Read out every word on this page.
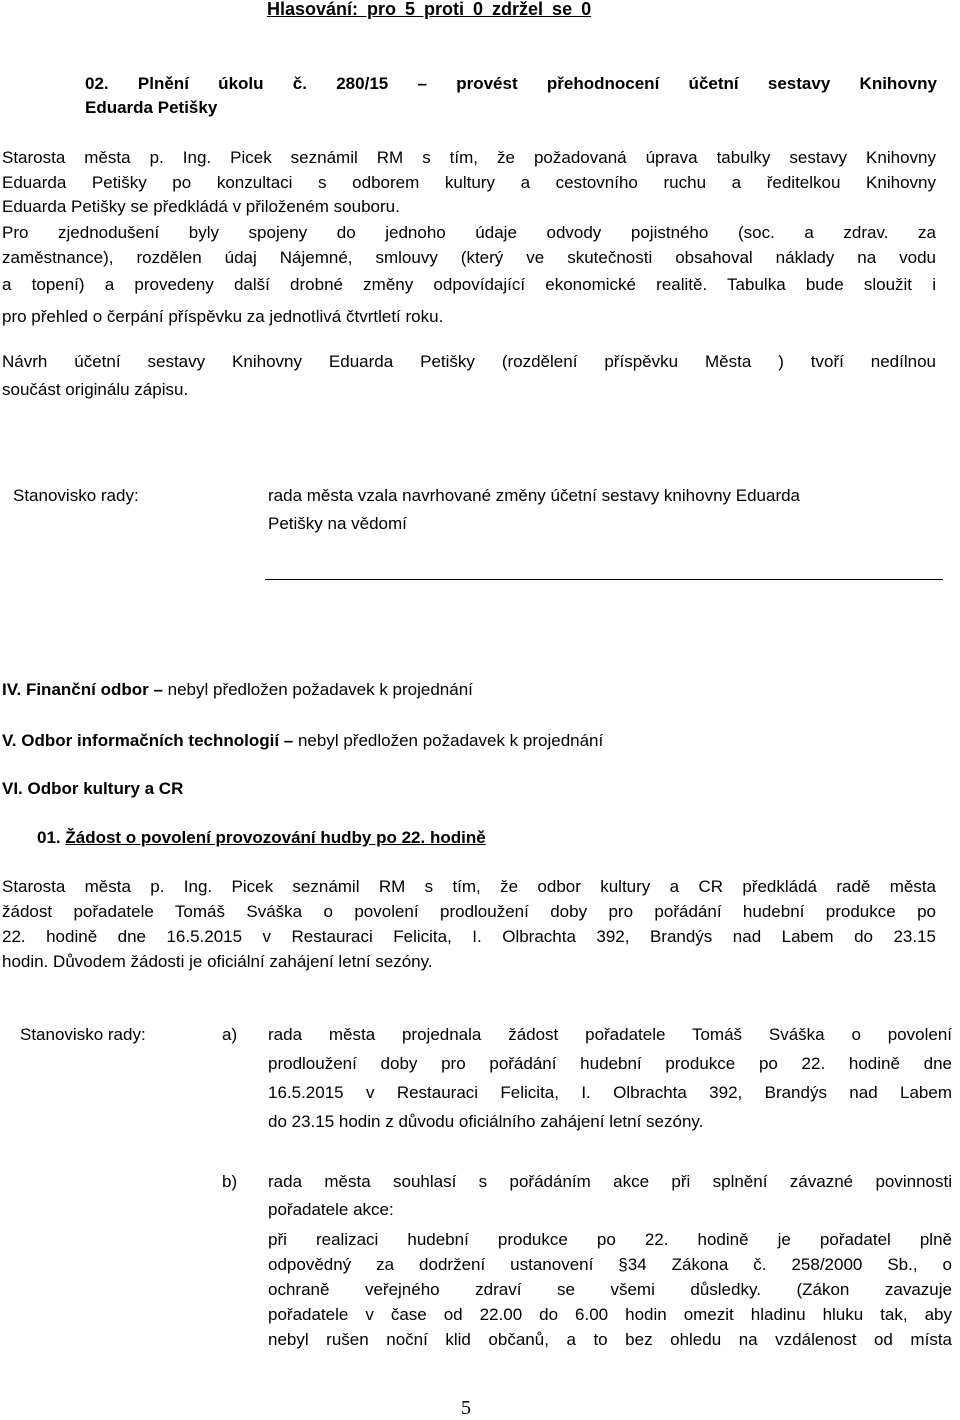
Hlasování: pro 5 proti 0 zdržel se 0
02. Plnění úkolu č. 280/15 – provést přehodnocení účetní sestavy Knihovny
Eduarda Petišky
Starosta města p. Ing. Picek seznámil RM s tím, že požadovaná úprava tabulky sestavy Knihovny
Eduarda Petišky po konzultaci s odborem kultury a cestovního ruchu a ředitelkou Knihovny
Eduarda Petišky se předkládá v přiloženém souboru.
Pro zjednodušení byly spojeny do jednoho údaje odvody pojistného (soc. a zdrav. za
zaměstnance), rozdělen údaj Nájemné, smlouvy (který ve skutečnosti obsahoval náklady na vodu
a topení) a provedeny další drobné změny odpovídající ekonomické realitě. Tabulka bude sloužit i
pro přehled o čerpání příspěvku za jednotlivá čtvrtletí roku.
Návrh účetní sestavy Knihovny Eduarda Petišky (rozdělení příspěvku Města ) tvoří nedílnou
součást originálu zápisu.
Stanovisko rady:	rada města vzala navrhované změny účetní sestavy knihovny Eduarda
Petišky na vědomí
IV. Finanční odbor – nebyl předložen požadavek k projednání
V. Odbor informačních technologií – nebyl předložen požadavek k projednání
VI. Odbor kultury a CR
01. Žádost o povolení provozování hudby po 22. hodině
Starosta města p. Ing. Picek seznámil RM s tím, že odbor kultury a CR předkládá radě města
žádost pořadatele Tomáš Sváška o povolení prodloužení doby pro pořádání hudební produkce po
22. hodině dne 16.5.2015 v Restauraci Felicita, I. Olbrachta 392, Brandýs nad Labem do 23.15
hodin. Důvodem žádosti je oficiální zahájení letní sezóny.
Stanovisko rady:	a) rada města projednala žádost pořadatele Tomáš Sváška o povolení
prodloužení doby pro pořádání hudební produkce po 22. hodině dne
16.5.2015 v Restauraci Felicita, I. Olbrachta 392, Brandýs nad Labem
do 23.15 hodin z důvodu oficiálního zahájení letní sezóny.
b) rada města souhlasí s pořádáním akce při splnění závazné povinnosti
pořadatele akce:
při realizaci hudební produkce po 22. hodině je pořadatel plně
odpovědný za dodržení ustanovení §34 Zákona č. 258/2000 Sb., o
ochraně veřejného zdraví se všemi důsledky. (Zákon zavazuje
pořadatele v čase od 22.00 do 6.00 hodin omezit hladinu hluku tak, aby
nebyl rušen noční klid občanů, a to bez ohledu na vzdálenost od místa
5
